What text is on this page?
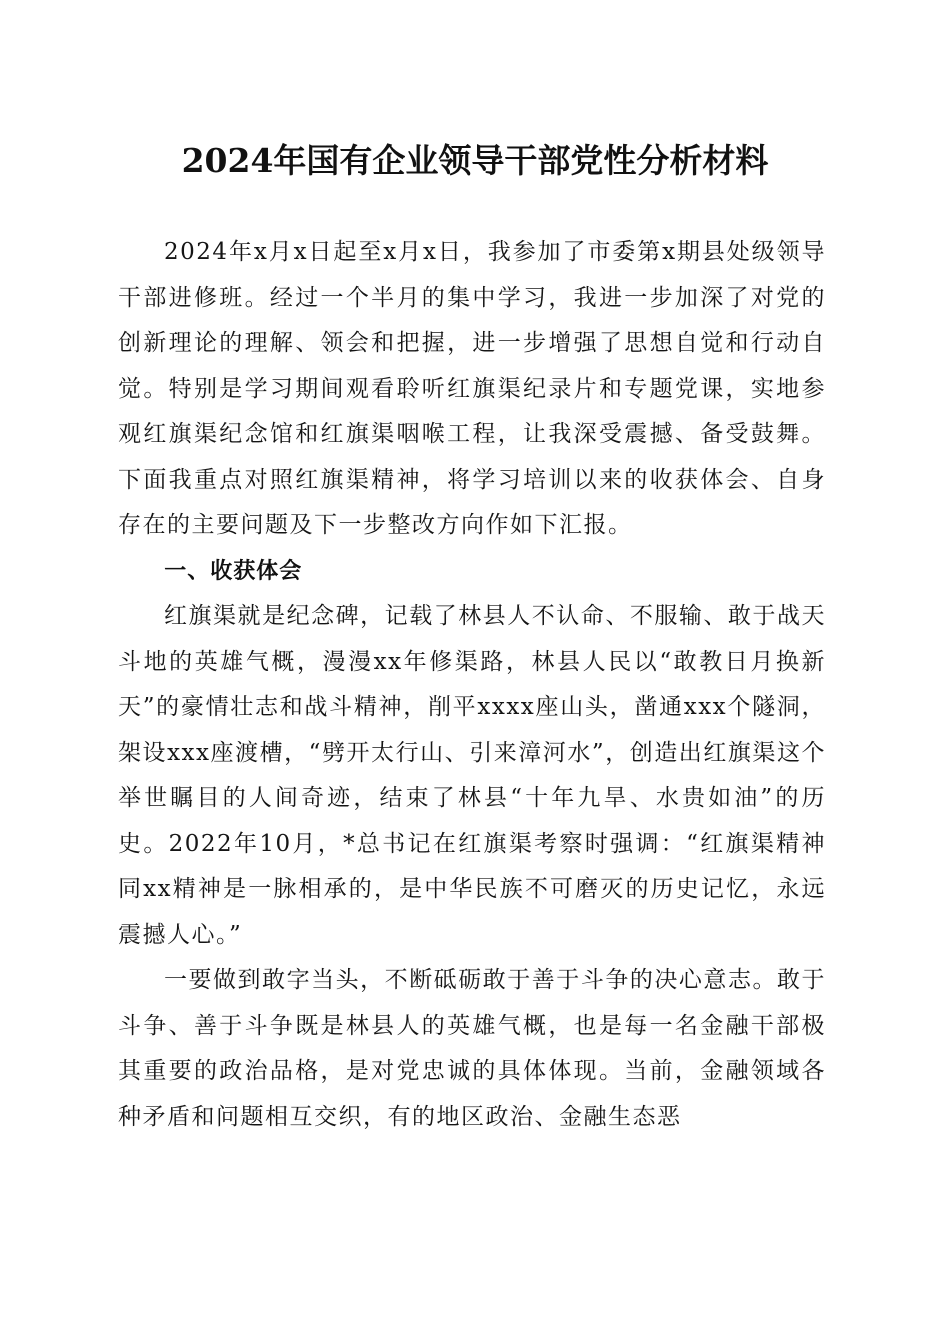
2024年国有企业领导干部党性分析材料

2024年x月x日起至x月x日，我参加了市委第x期县处级领导干部进修班。经过一个半月的集中学习，我进一步加深了对党的创新理论的理解、领会和把握，进一步增强了思想自觉和行动自觉。特别是学习期间观看聆听红旗渠纪录片和专题党课，实地参观红旗渠纪念馆和红旗渠咽喉工程，让我深受震撼、备受鼓舞。下面我重点对照红旗渠精神，将学习培训以来的收获体会、自身存在的主要问题及下一步整改方向作如下汇报。

一、收获体会

红旗渠就是纪念碑，记载了林县人不认命、不服输、敢于战天斗地的英雄气概，漫漫xx年修渠路，林县人民以“敢教日月换新天”的豪情壮志和战斗精神，削平xxxx座山头，凿通xxx个隧洞，架设xxx座渡槽，“劈开太行山、引来漳河水”，创造出红旗渠这个举世瞩目的人间奇迹，结束了林县“十年九旱、水贵如油”的历史。2022年10月，*总书记在红旗渠考察时强调：“红旗渠精神同xx精神是一脉相承的，是中华民族不可磨灭的历史记忆，永远震撼人心。”

一要做到敢字当头，不断砥砺敢于善于斗争的决心意志。敢于斗争、善于斗争既是林县人的英雄气概，也是每一名金融干部极其重要的政治品格，是对党忠诚的具体体现。当前，金融领域各种矛盾和问题相互交织，有的地区政治、金融生态恶
